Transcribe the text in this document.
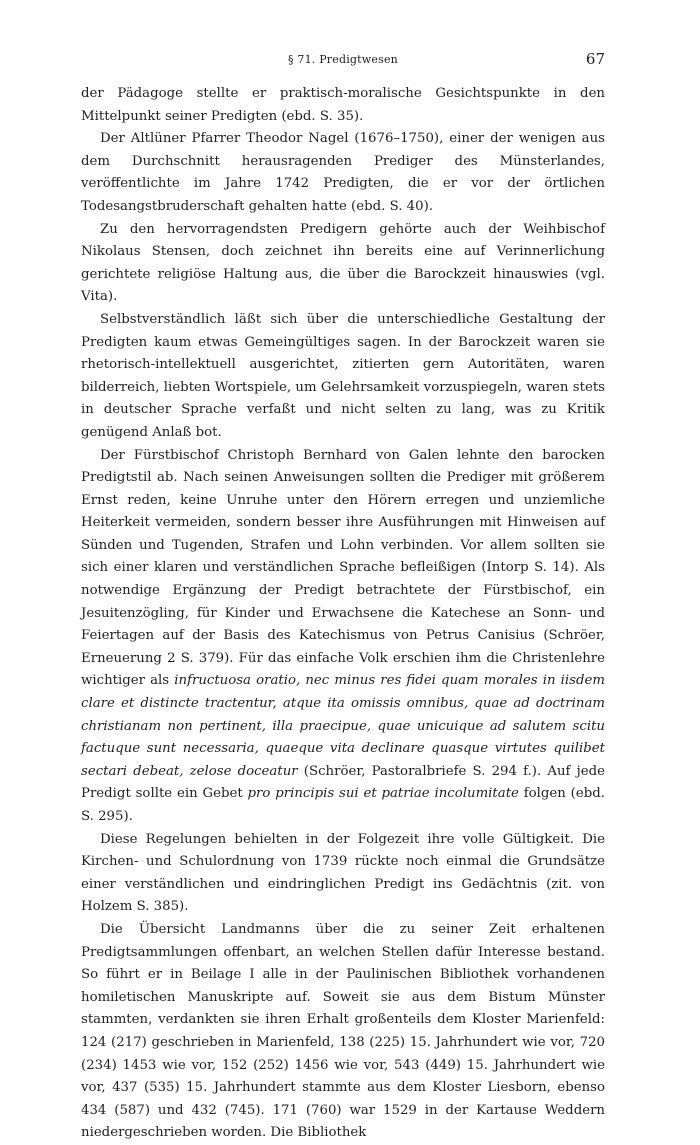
§ 71. Predigtwesen	67

der Pädagoge stellte er praktisch-moralische Gesichtspunkte in den Mittelpunkt seiner Predigten (ebd. S. 35).

Der Altlüner Pfarrer Theodor Nagel (1676–1750), einer der wenigen aus dem Durchschnitt herausragenden Prediger des Münsterlandes, veröffentlichte im Jahre 1742 Predigten, die er vor der örtlichen Todesangstbruderschaft gehalten hatte (ebd. S. 40).

Zu den hervorragendsten Predigern gehörte auch der Weihbischof Nikolaus Stensen, doch zeichnet ihn bereits eine auf Verinnerlichung gerichtete religiöse Haltung aus, die über die Barockzeit hinauswies (vgl. Vita).

Selbstverständlich läßt sich über die unterschiedliche Gestaltung der Predigten kaum etwas Gemeingültiges sagen. In der Barockzeit waren sie rhetorisch-intellektuell ausgerichtet, zitierten gern Autoritäten, waren bilderreich, liebten Wortspiele, um Gelehrsamkeit vorzuspiegeln, waren stets in deutscher Sprache verfaßt und nicht selten zu lang, was zu Kritik genügend Anlaß bot.

Der Fürstbischof Christoph Bernhard von Galen lehnte den barocken Predigtstil ab. Nach seinen Anweisungen sollten die Prediger mit größerem Ernst reden, keine Unruhe unter den Hörern erregen und unziemliche Heiterkeit vermeiden, sondern besser ihre Ausführungen mit Hinweisen auf Sünden und Tugenden, Strafen und Lohn verbinden. Vor allem sollten sie sich einer klaren und verständlichen Sprache befleißigen (Intorp S. 14). Als notwendige Ergänzung der Predigt betrachtete der Fürstbischof, ein Jesuitenzögling, für Kinder und Erwachsene die Katechese an Sonn- und Feiertagen auf der Basis des Katechismus von Petrus Canisius (Schröer, Erneuerung 2 S. 379). Für das einfache Volk erschien ihm die Christenlehre wichtiger als infructuosa oratio, nec minus res fidei quam morales in iisdem clare et distincte tractentur, atque ita omissis omnibus, quae ad doctrinam christianam non pertinent, illa praecipue, quae unicuique ad salutem scitu factuque sunt necessaria, quaeque vita declinare quasque virtutes quilibet sectari debeat, zelose doceatur (Schröer, Pastoralbriefe S. 294 f.). Auf jede Predigt sollte ein Gebet pro principis sui et patriae incolumitate folgen (ebd. S. 295).

Diese Regelungen behielten in der Folgezeit ihre volle Gültigkeit. Die Kirchen- und Schulordnung von 1739 rückte noch einmal die Grundsätze einer verständlichen und eindringlichen Predigt ins Gedächtnis (zit. von Holzem S. 385).

Die Übersicht Landmanns über die zu seiner Zeit erhaltenen Predigtsammlungen offenbart, an welchen Stellen dafür Interesse bestand. So führt er in Beilage I alle in der Paulinischen Bibliothek vorhandenen homiletischen Manuskripte auf. Soweit sie aus dem Bistum Münster stammten, verdankten sie ihren Erhalt großenteils dem Kloster Marienfeld: 124 (217) geschrieben in Marienfeld, 138 (225) 15. Jahrhundert wie vor, 720 (234) 1453 wie vor, 152 (252) 1456 wie vor, 543 (449) 15. Jahrhundert wie vor, 437 (535) 15. Jahrhundert stammte aus dem Kloster Liesborn, ebenso 434 (587) und 432 (745). 171 (760) war 1529 in der Kartause Weddern niedergeschrieben worden. Die Bibliothek
